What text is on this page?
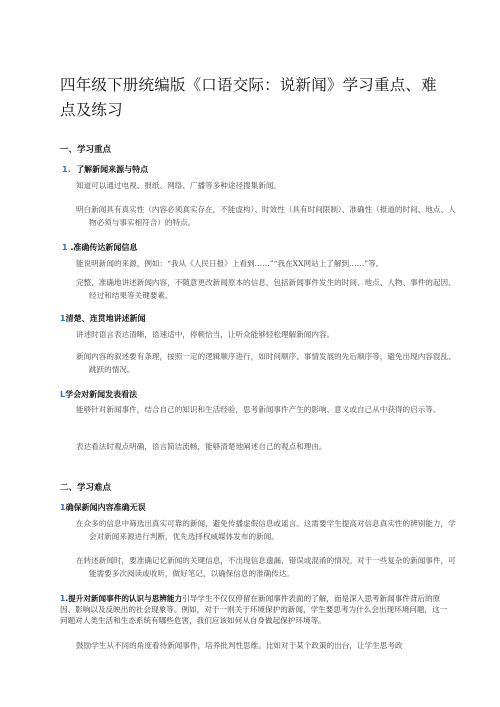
四年级下册统编版《口语交际：说新闻》学习重点、难点及练习
一、学习重点
1. 了解新闻来源与特点
知道可以通过电视、报纸、网络、广播等多种途径搜集新闻。
明白新闻具有真实性（内容必须真实存在，不能虚构）、时效性（具有时间限制）、准确性（报道的时间、地点、人物必须与事实相符合）的特点。
1 .准确传达新闻信息
能说明新闻的来源，例如：“我从《人民日报》上看到……”“我在XX网站上了解到……”等。
完整、准确地讲述新闻内容，不随意更改新闻原本的信息，包括新闻事件发生的时间、地点、人物、事件的起因、经过和结果等关键要素。
1清楚、连贯地讲述新闻
讲述时语言表达清晰，语速适中，停顿恰当，让听众能够轻松理解新闻内容。
新闻内容的叙述要有条理，按照一定的逻辑顺序进行，如时间顺序、事情发展的先后顺序等，避免出现内容混乱、跳跃的情况。
L学会对新闻发表看法
能够针对新闻事件，结合自己的知识和生活经验，思考新闻事件产生的影响、意义或自己从中获得的启示等。
表达看法时观点明确，语言简洁流畅，能够清楚地阐述自己的观点和理由。
二、学习难点
1确保新闻内容准确无误
在众多的信息中筛选出真实可靠的新闻，避免传播虚假信息或谣言。这需要学生提高对信息真实性的辨别能力，学会对新闻来源进行判断，优先选择权威媒体发布的新闻。
在转述新闻时，要准确记忆新闻的关键信息，不出现信息遗漏、错误或混淆的情况。对于一些复杂的新闻事件，可能需要多次阅读或收听，做好笔记，以确保信息的准确传达。
1.提升对新闻事件的认识与思辨能力引导学生不仅仅停留在新闻事件表面的了解，而是深入思考新闻事件背后的原因、影响以及反映出的社会现象等。例如，对于一则关于环境保护的新闻，学生要思考为什么会出现环境问题，这一问题对人类生活和生态系统有哪些危害，我们应该如何从自身做起保护环境等。
鼓励学生从不同的角度看待新闻事件，培养批判性思维。比如对于某个政策的出台，让学生思考政
